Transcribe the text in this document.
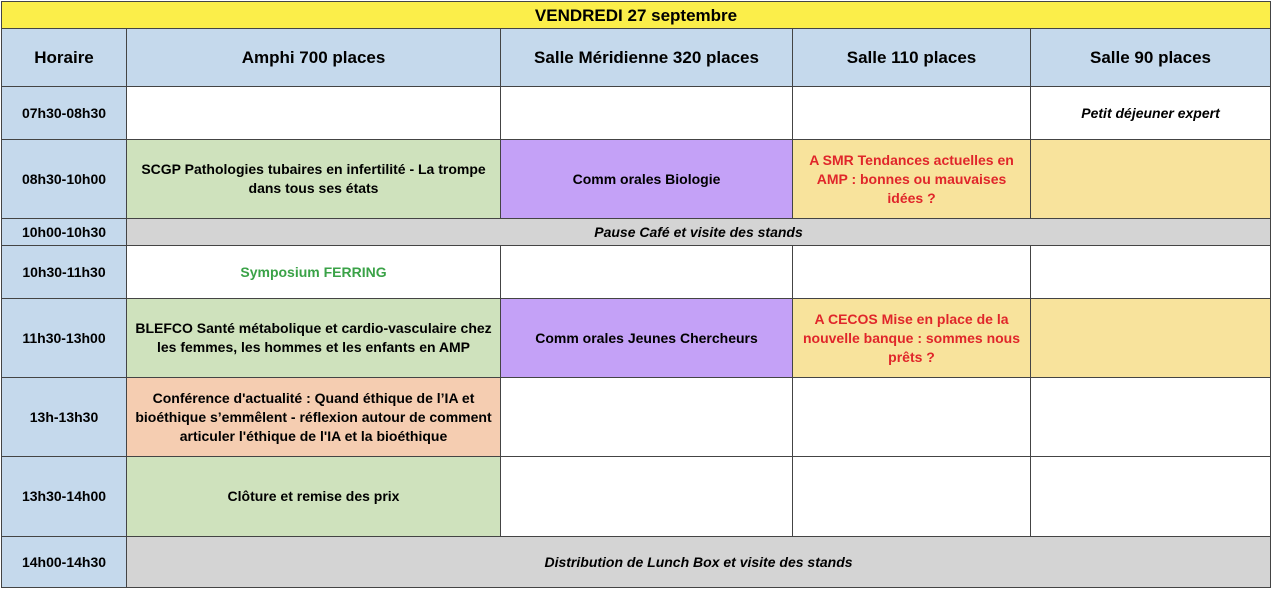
VENDREDI 27 septembre				
Horaire	Amphi 700 places	Salle Méridienne 320 places	Salle 110 places	Salle 90 places
07h30-08h30				Petit déjeuner expert
08h30-10h00	SCGP Pathologies tubaires en infertilité - La trompe dans tous ses états	Comm orales Biologie	A SMR Tendances actuelles en AMP : bonnes ou mauvaises idées ?	
10h00-10h30	Pause Café et visite des stands			
10h30-11h30	Symposium FERRING			
11h30-13h00	BLEFCO Santé métabolique et cardio-vasculaire chez les femmes, les hommes et les enfants en AMP	Comm orales Jeunes Chercheurs	A CECOS Mise en place de la nouvelle banque : sommes nous prêts ?	
13h-13h30	Conférence d'actualité : Quand éthique de l’IA et bioéthique s’emmêlent - réflexion autour de comment articuler l'éthique de l'IA et la bioéthique			
13h30-14h00	Clôture et remise des prix			
14h00-14h30	Distribution de Lunch Box et visite des stands			
